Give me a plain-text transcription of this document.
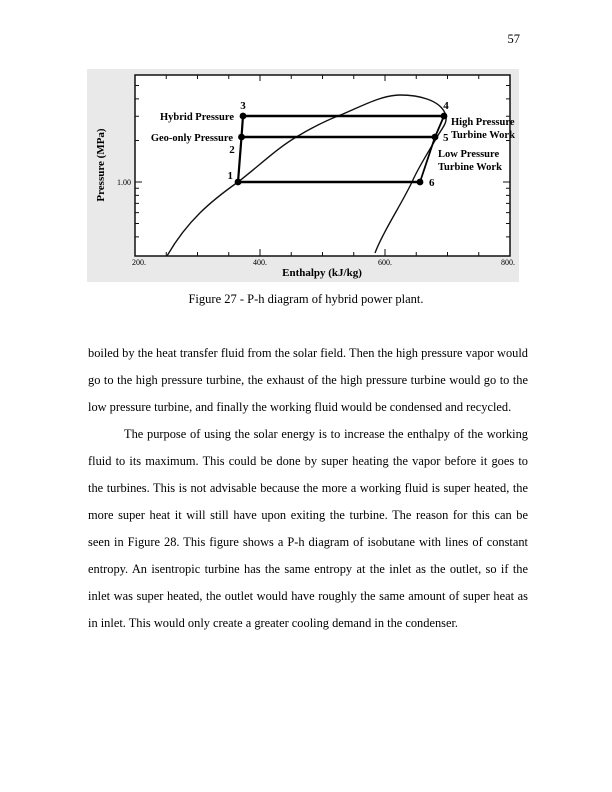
57
200.	400.	600.	800.
1.00
Enthalpy (kJ/kg)
Pressure (MPa)	1
2
3	4
5
6
Hybrid Pressure
Geo-only Pressure
High Pressure
Turbine Work
Low Pressure
Turbine Work
Figure 27 - P-h diagram of hybrid power plant.

boiled by the heat transfer fluid from the solar field. Then the high pressure vapor would go to the high pressure turbine, the exhaust of the high pressure turbine would go to the low pressure turbine, and finally the working fluid would be condensed and recycled.

The purpose of using the solar energy is to increase the enthalpy of the working fluid to its maximum. This could be done by super heating the vapor before it goes to the turbines. This is not advisable because the more a working fluid is super heated, the more super heat it will still have upon exiting the turbine. The reason for this can be seen in Figure 28. This figure shows a P-h diagram of isobutane with lines of constant entropy. An isentropic turbine has the same entropy at the inlet as the outlet, so if the inlet was super heated, the outlet would have roughly the same amount of super heat as in inlet. This would only create a greater cooling demand in the condenser.
